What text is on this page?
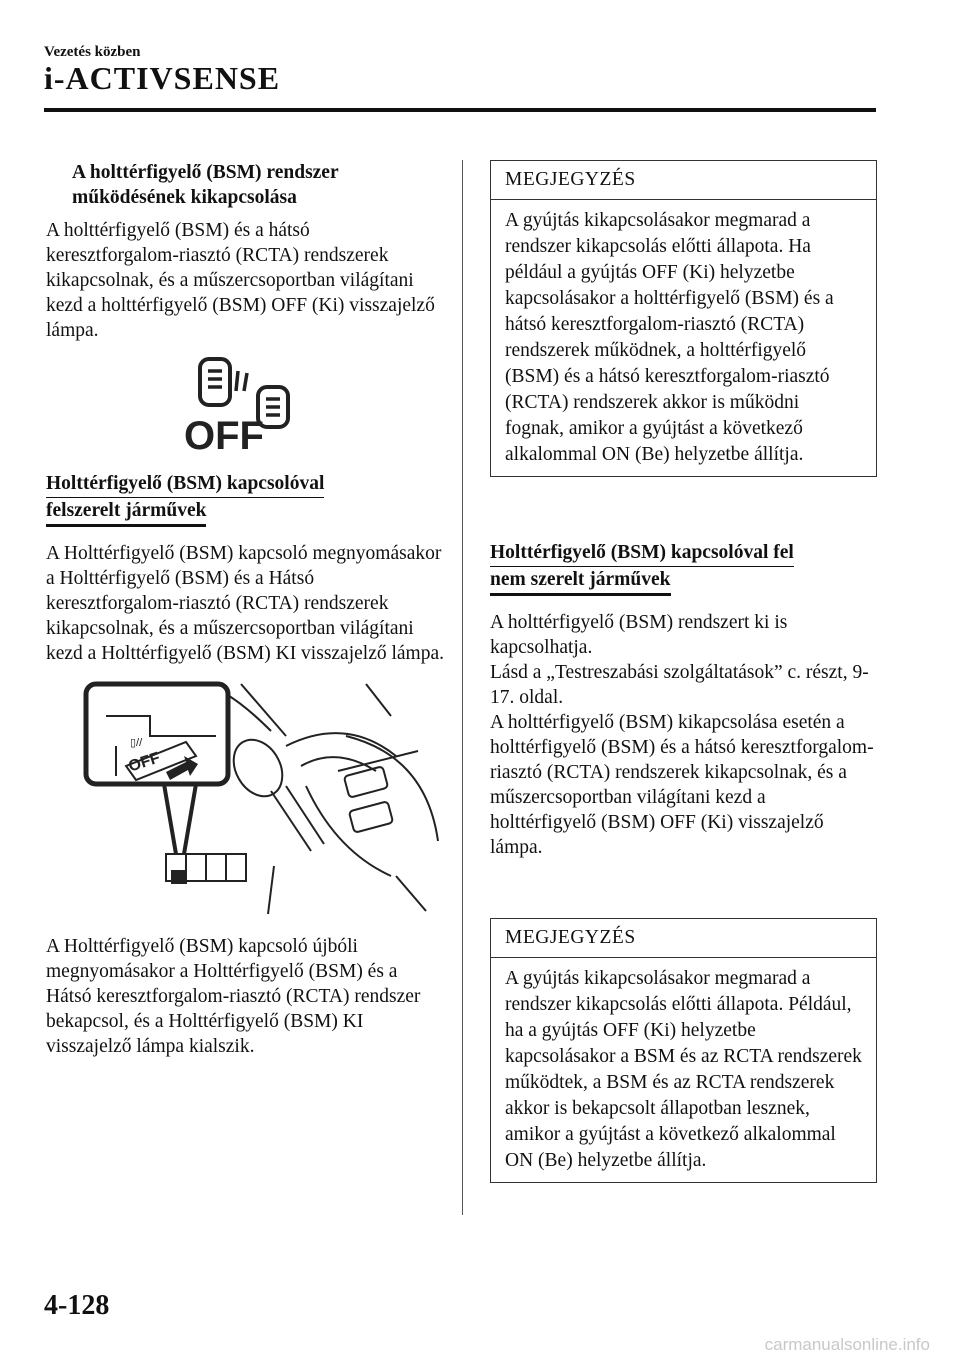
Vezetés közben
i-ACTIVSENSE
A holttérfigyelő (BSM) rendszer
működésének kikapcsolása

A holttérfigyelő (BSM) és a hátsó keresztforgalom-riasztó (RCTA) rendszerek kikapcsolnak, és a műszercsoportban világítani kezd a holttérfigyelő (BSM) OFF (Ki) visszajelző lámpa.

OFF
Holttérfigyelő (BSM) kapcsolóval
felszerelt járművek

A Holttérfigyelő (BSM) kapcsoló megnyomásakor a Holttérfigyelő (BSM) és a Hátsó keresztforgalom-riasztó (RCTA) rendszerek kikapcsolnak, és a műszercsoportban világítani kezd a Holttérfigyelő (BSM) KI visszajelző lámpa.

▯//
OFF

A Holttérfigyelő (BSM) kapcsoló újbóli megnyomásakor a Holttérfigyelő (BSM) és a Hátsó keresztforgalom-riasztó (RCTA) rendszer bekapcsol, és a Holttérfigyelő (BSM) KI visszajelző lámpa kialszik.

MEGJEGYZÉS
A gyújtás kikapcsolásakor megmarad a rendszer kikapcsolás előtti állapota. Ha például a gyújtás OFF (Ki) helyzetbe kapcsolásakor a holttérfigyelő (BSM) és a hátsó keresztforgalom-riasztó (RCTA) rendszerek működnek, a holttérfigyelő (BSM) és a hátsó keresztforgalom-riasztó (RCTA) rendszerek akkor is működni fognak, amikor a gyújtást a következő alkalommal ON (Be) helyzetbe állítja.
Holttérfigyelő (BSM) kapcsolóval fel
nem szerelt járművek

A holttérfigyelő (BSM) rendszert ki is kapcsolhatja.

Lásd a „Testreszabási szolgáltatások” c. részt, 9-17. oldal.

A holttérfigyelő (BSM) kikapcsolása esetén a holttérfigyelő (BSM) és a hátsó keresztforgalom-riasztó (RCTA) rendszerek kikapcsolnak, és a műszercsoportban világítani kezd a holttérfigyelő (BSM) OFF (Ki) visszajelző lámpa.

MEGJEGYZÉS
A gyújtás kikapcsolásakor megmarad a rendszer kikapcsolás előtti állapota. Például, ha a gyújtás OFF (Ki) helyzetbe kapcsolásakor a BSM és az RCTA rendszerek működtek, a BSM és az RCTA rendszerek akkor is bekapcsolt állapotban lesznek, amikor a gyújtást a következő alkalommal ON (Be) helyzetbe állítja.
4-128
carmanualsonline.info
